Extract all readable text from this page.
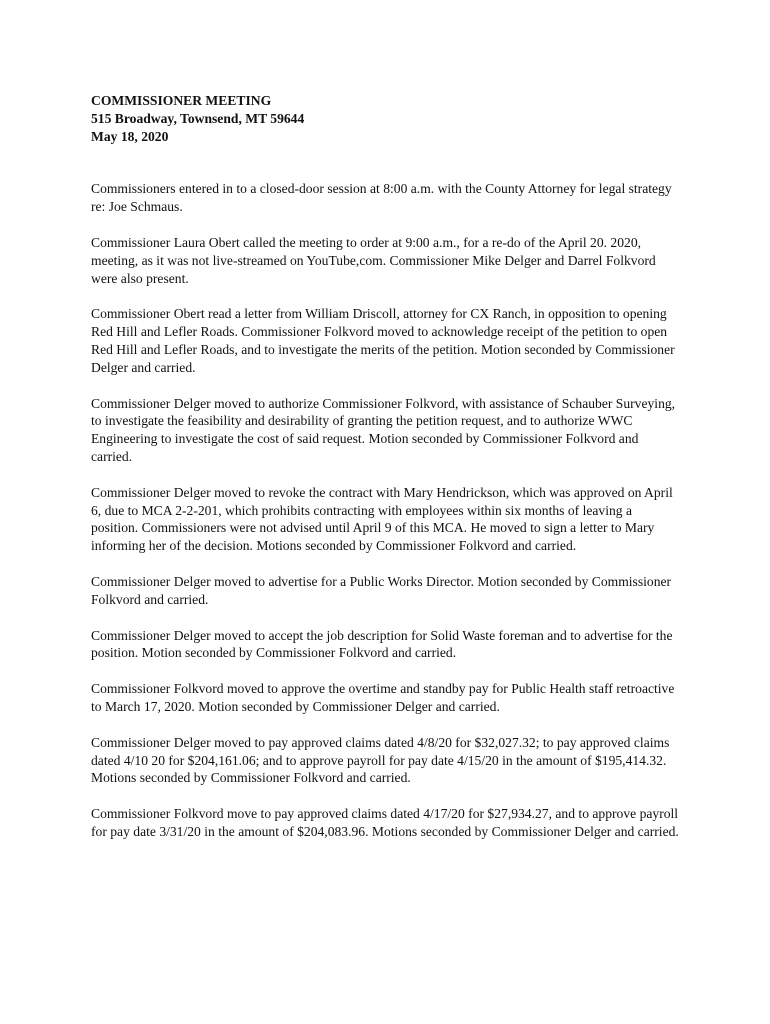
COMMISSIONER MEETING

515 Broadway, Townsend, MT 59644

May 18, 2020

Commissioners entered in to a closed-door session at 8:00 a.m. with the County Attorney for legal strategy re: Joe Schmaus.

Commissioner Laura Obert called the meeting to order at 9:00 a.m., for a re-do of the April 20. 2020, meeting, as it was not live-streamed on YouTube,com. Commissioner Mike Delger and Darrel Folkvord were also present.

Commissioner Obert read a letter from William Driscoll, attorney for CX Ranch, in opposition to opening Red Hill and Lefler Roads. Commissioner Folkvord moved to acknowledge receipt of the petition to open Red Hill and Lefler Roads, and to investigate the merits of the petition. Motion seconded by Commissioner Delger and carried.

Commissioner Delger moved to authorize Commissioner Folkvord, with assistance of Schauber Surveying, to investigate the feasibility and desirability of granting the petition request, and to authorize WWC Engineering to investigate the cost of said request. Motion seconded by Commissioner Folkvord and carried.

Commissioner Delger moved to revoke the contract with Mary Hendrickson, which was approved on April 6, due to MCA 2-2-201, which prohibits contracting with employees within six months of leaving a position. Commissioners were not advised until April 9 of this MCA. He moved to sign a letter to Mary informing her of the decision. Motions seconded by Commissioner Folkvord and carried.

Commissioner Delger moved to advertise for a Public Works Director. Motion seconded by Commissioner Folkvord and carried.

Commissioner Delger moved to accept the job description for Solid Waste foreman and to advertise for the position. Motion seconded by Commissioner Folkvord and carried.

Commissioner Folkvord moved to approve the overtime and standby pay for Public Health staff retroactive to March 17, 2020. Motion seconded by Commissioner Delger and carried.

Commissioner Delger moved to pay approved claims dated 4/8/20 for $32,027.32; to pay approved claims dated 4/10 20 for $204,161.06; and to approve payroll for pay date 4/15/20 in the amount of $195,414.32. Motions seconded by Commissioner Folkvord and carried.

Commissioner Folkvord move to pay approved claims dated 4/17/20 for $27,934.27, and to approve payroll for pay date 3/31/20 in the amount of $204,083.96. Motions seconded by Commissioner Delger and carried.
